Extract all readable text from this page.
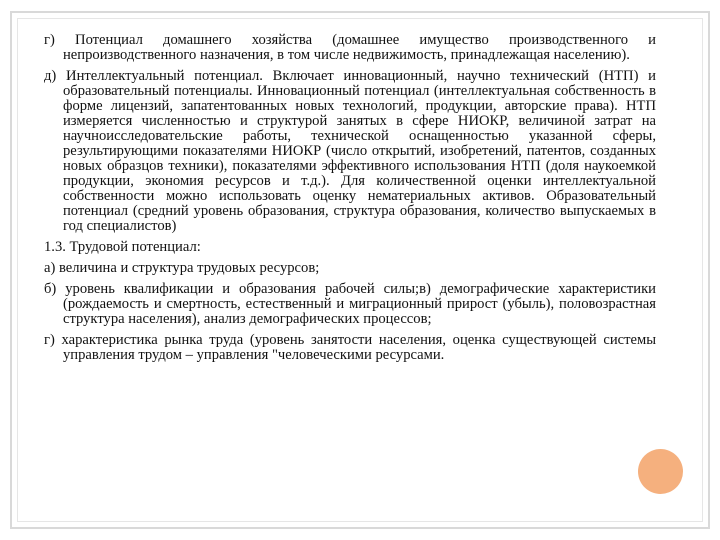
г) Потенциал домашнего хозяйства (домашнее имущество производственного и непроизводственного назначения, в том числе недвижимость, принадлежащая населению).

д) Интеллектуальный потенциал. Включает инновационный, научно технический (НТП) и образовательный потенциалы. Инновационный потенциал (интеллектуальная собственность в форме лицензий, запатентованных новых технологий, продукции, авторские права). НТП измеряется численностью и структурой занятых в сфере НИОКР, величиной затрат на научноисследовательские работы, технической оснащенностью указанной сферы, результирующими показателями НИОКР (число открытий, изобретений, патентов, созданных новых образцов техники), показателями эффективного использования НТП (доля наукоемкой продукции, экономия ресурсов и т.д.). Для количественной оценки интеллектуальной собственности можно использовать оценку нематериальных активов. Образовательный потенциал (средний уровень образования, структура образования, количество выпускаемых в год специалистов)

1.3. Трудовой потенциал:

а) величина и структура трудовых ресурсов;

б) уровень квалификации и образования рабочей силы;в) демографические характеристики (рождаемость и смертность, естественный и миграционный прирост (убыль), половозрастная структура населения), анализ демографических процессов;

г) характеристика рынка труда (уровень занятости населения, оценка существующей системы управления трудом – управления "человеческими ресурсами.
